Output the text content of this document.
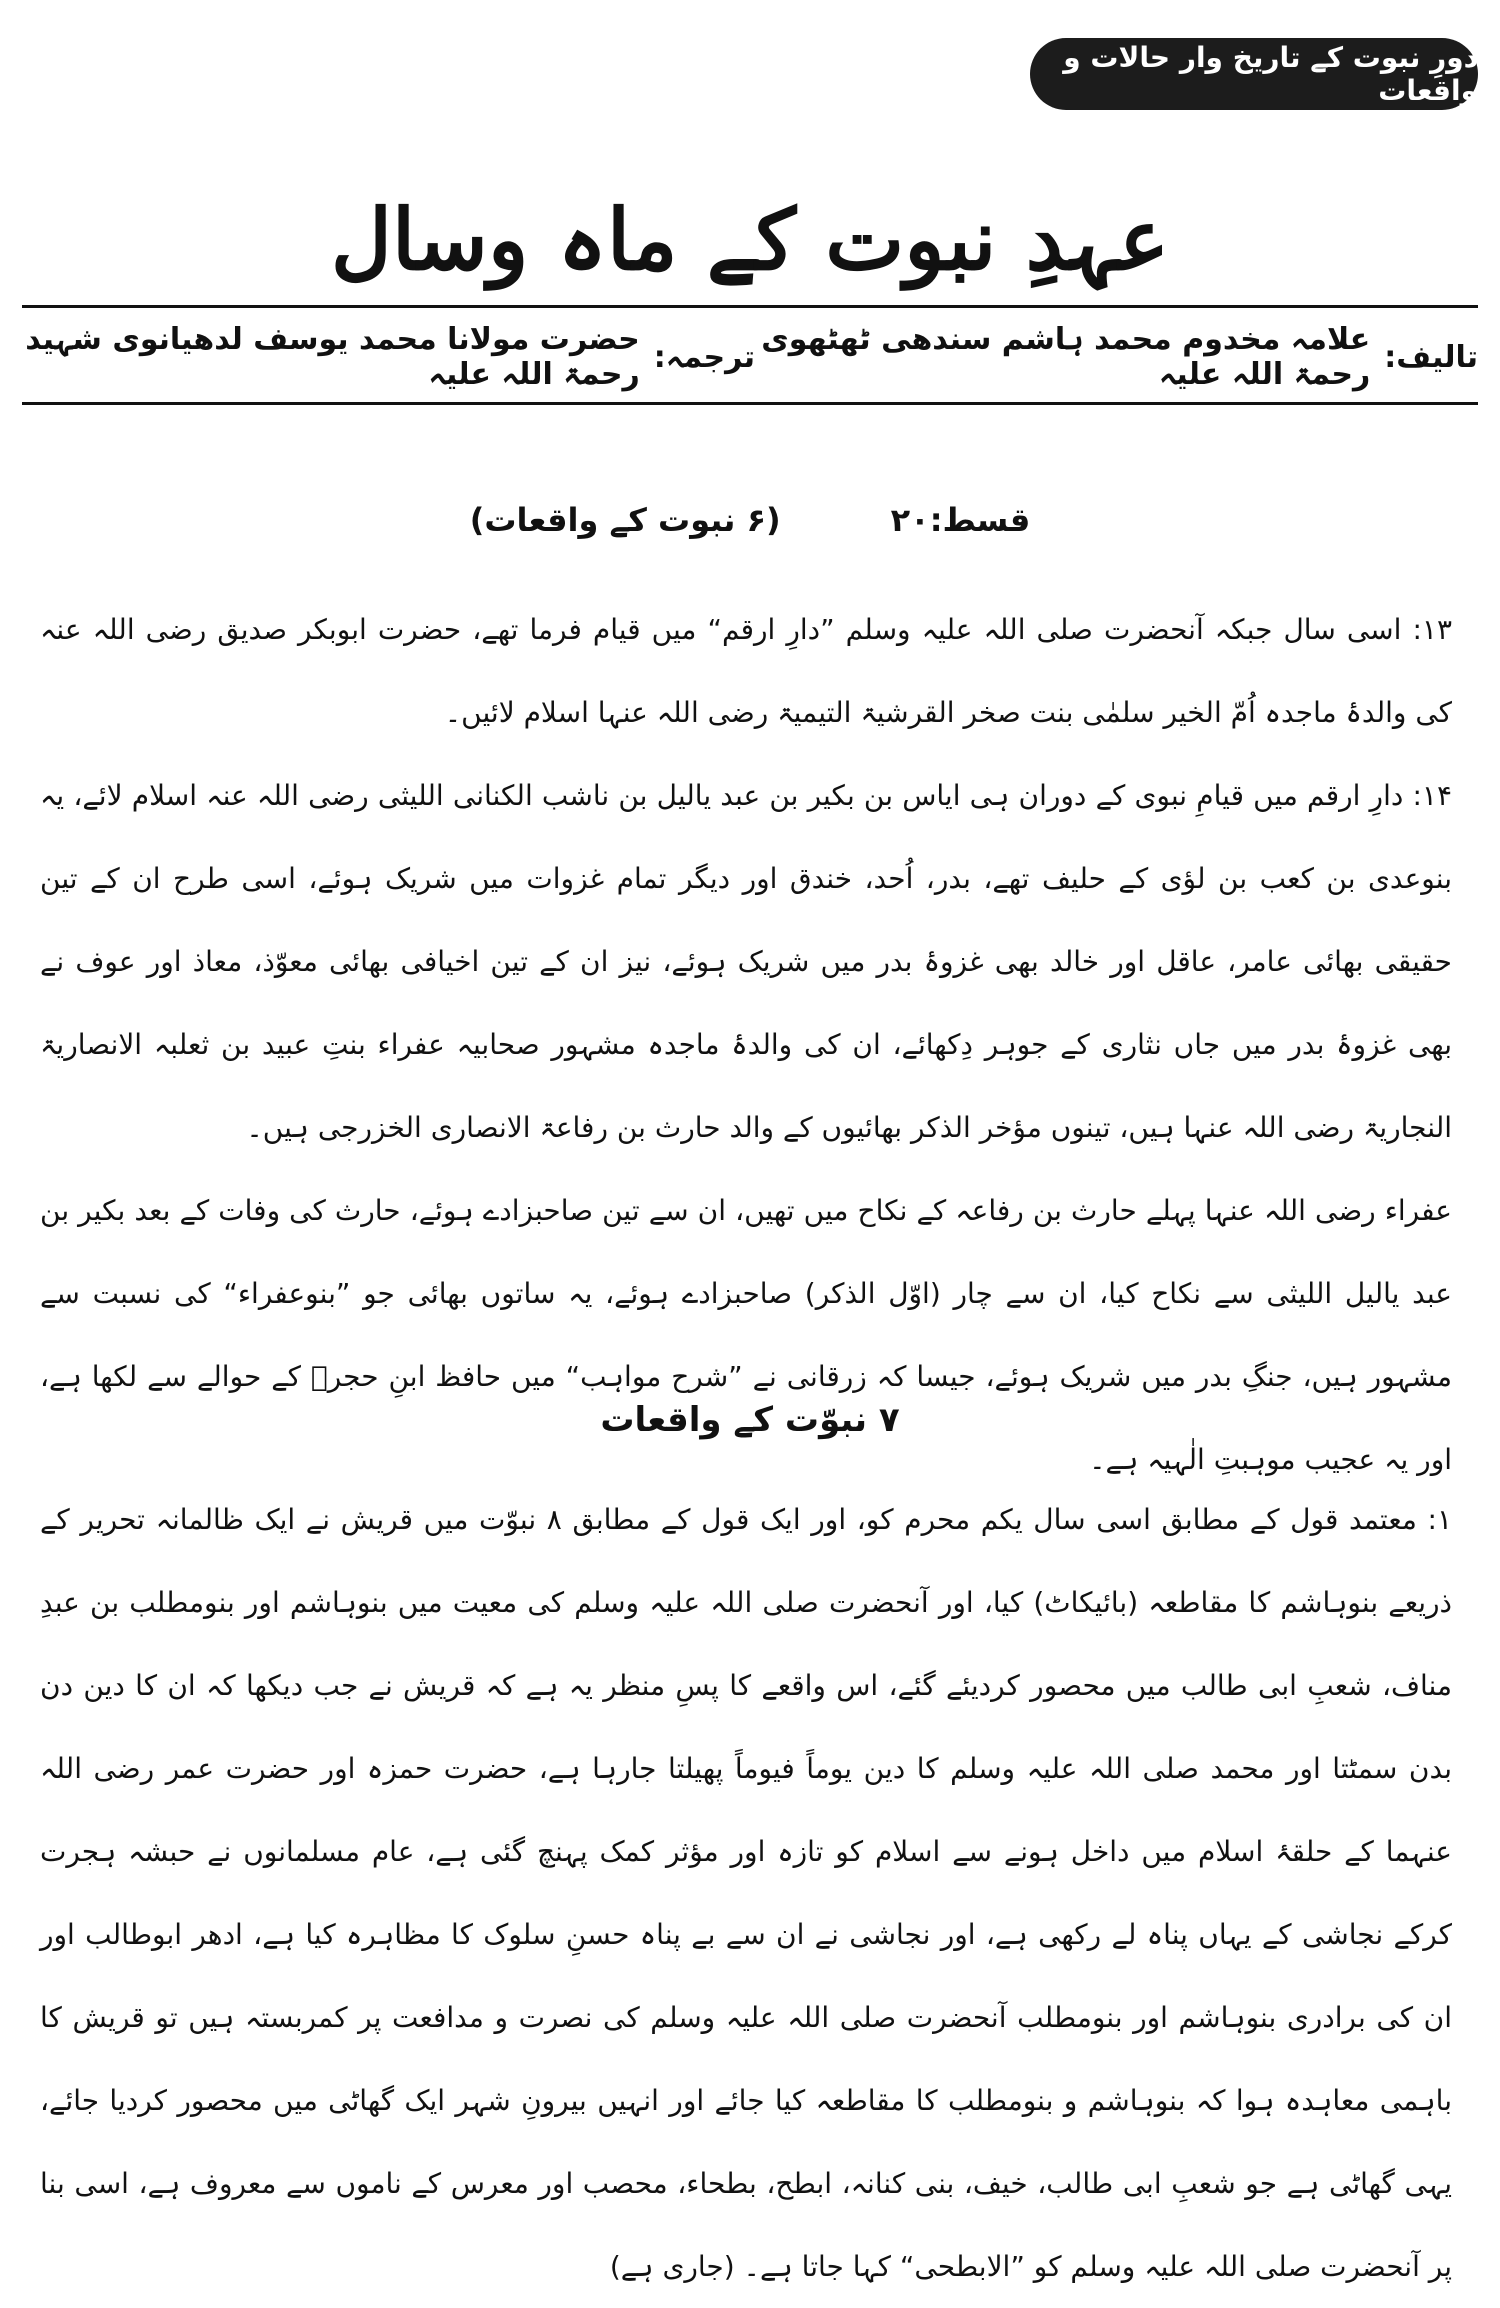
دورِ نبوت کے تاریخ وار حالات و واقعات
عہدِ نبوت کے ماہ وسال
تالیف:
علامہ مخدوم محمد ہاشم سندھی ٹھٹھوی رحمۃ اللہ علیہ
ترجمہ:
حضرت مولانا محمد یوسف لدھیانوی شہید رحمۃ اللہ علیہ
قسط:۲۰
(۶ نبوت کے واقعات)

۱۳: اسی سال جبکہ آنحضرت صلی اللہ علیہ وسلم ”دارِ ارقم“ میں قیام فرما تھے، حضرت ابوبکر صدیق رضی اللہ عنہ کی والدۂ ماجدہ اُمّ الخیر سلمٰی بنت صخر القرشیۃ التیمیۃ رضی اللہ عنہا اسلام لائیں۔

۱۴: دارِ ارقم میں قیامِ نبوی کے دوران ہی ایاس بن بکیر بن عبد یالیل بن ناشب الکنانی اللیثی رضی اللہ عنہ اسلام لائے، یہ بنوعدی بن کعب بن لؤی کے حلیف تھے، بدر، اُحد، خندق اور دیگر تمام غزوات میں شریک ہوئے، اسی طرح ان کے تین حقیقی بھائی عامر، عاقل اور خالد بھی غزوۂ بدر میں شریک ہوئے، نیز ان کے تین اخیافی بھائی معوّذ، معاذ اور عوف نے بھی غزوۂ بدر میں جاں نثاری کے جوہر دِکھائے، ان کی والدۂ ماجدہ مشہور صحابیہ عفراء بنتِ عبید بن ثعلبہ الانصاریۃ النجاریۃ رضی اللہ عنہا ہیں، تینوں مؤخر الذکر بھائیوں کے والد حارث بن رفاعۃ الانصاری الخزرجی ہیں۔

عفراء رضی اللہ عنہا پہلے حارث بن رفاعہ کے نکاح میں تھیں، ان سے تین صاحبزادے ہوئے، حارث کی وفات کے بعد بکیر بن عبد یالیل اللیثی سے نکاح کیا، ان سے چار (اوّل الذکر) صاحبزادے ہوئے، یہ ساتوں بھائی جو ”بنوعفراء“ کی نسبت سے مشہور ہیں، جنگِ بدر میں شریک ہوئے، جیسا کہ زرقانی نے ”شرح مواہب“ میں حافظ ابنِ حجرؒ کے حوالے سے لکھا ہے، اور یہ عجیب موہبتِ الٰہیہ ہے۔

۷ نبوّت کے واقعات

۱: معتمد قول کے مطابق اسی سال یکم محرم کو، اور ایک قول کے مطابق ۸ نبوّت میں قریش نے ایک ظالمانہ تحریر کے ذریعے بنوہاشم کا مقاطعہ (بائیکاٹ) کیا، اور آنحضرت صلی اللہ علیہ وسلم کی معیت میں بنوہاشم اور بنومطلب بن عبدِ مناف، شعبِ ابی طالب میں محصور کردیئے گئے، اس واقعے کا پسِ منظر یہ ہے کہ قریش نے جب دیکھا کہ ان کا دین دن بدن سمٹتا اور محمد صلی اللہ علیہ وسلم کا دین یوماً فیوماً پھیلتا جارہا ہے، حضرت حمزہ اور حضرت عمر رضی اللہ عنہما کے حلقۂ اسلام میں داخل ہونے سے اسلام کو تازہ اور مؤثر کمک پہنچ گئی ہے، عام مسلمانوں نے حبشہ ہجرت کرکے نجاشی کے یہاں پناہ لے رکھی ہے، اور نجاشی نے ان سے بے پناہ حسنِ سلوک کا مظاہرہ کیا ہے، ادھر ابوطالب اور ان کی برادری بنوہاشم اور بنومطلب آنحضرت صلی اللہ علیہ وسلم کی نصرت و مدافعت پر کمربستہ ہیں تو قریش کا باہمی معاہدہ ہوا کہ بنوہاشم و بنومطلب کا مقاطعہ کیا جائے اور انہیں بیرونِ شہر ایک گھاٹی میں محصور کردیا جائے، یہی گھاٹی ہے جو شعبِ ابی طالب، خیف، بنی کنانہ، ابطح، بطحاء، محصب اور معرس کے ناموں سے معروف ہے، اسی بنا پر آنحضرت صلی اللہ علیہ وسلم کو ”الابطحی“ کہا جاتا ہے۔ (جاری ہے)
